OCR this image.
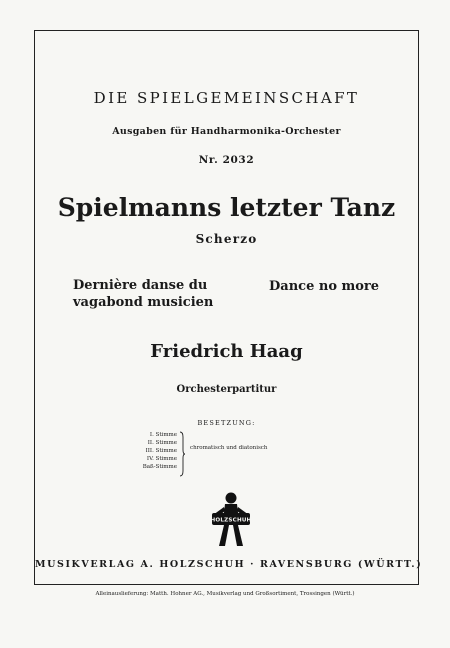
DIE SPIELGEMEINSCHAFT
Ausgaben für Handharmonika-Orchester
Nr. 2032
Spielmanns letzter Tanz
Scherzo
Dernière danse du
vagabond musicien
Dance no more
Friedrich Haag
Orchesterpartitur
BESETZUNG:
I. Stimme
II. Stimme
III. Stimme
IV. Stimme
Baß-Stimme
chromatisch und diatonisch
HOLZSCHUH
MUSIKVERLAG A. HOLZSCHUH · RAVENSBURG (WÜRTT.)
Alleinauslieferung: Matth. Hohner AG., Musikverlag und Großsortiment, Trossingen (Württ.)
